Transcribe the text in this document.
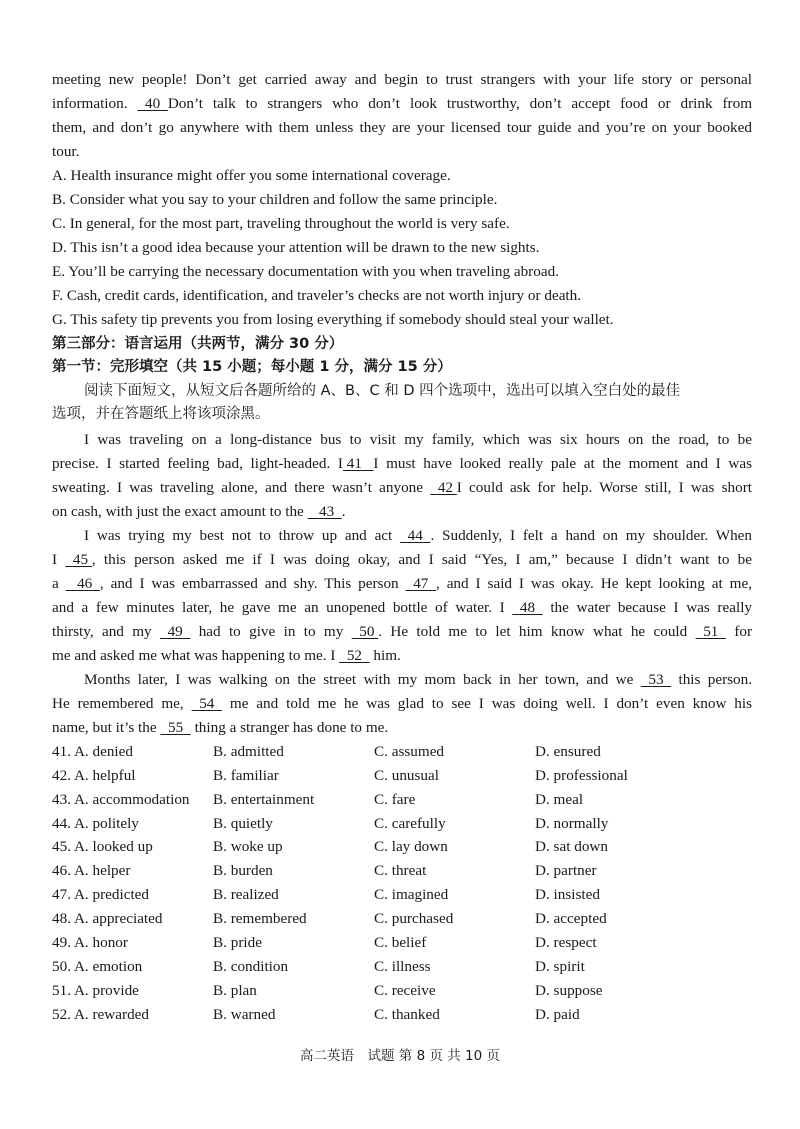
meeting new people! Don’t get carried away and begin to trust strangers with your life story or personal
information. 40 Don’t talk to strangers who don’t look trustworthy, don’t accept food or drink from
them, and don’t go anywhere with them unless they are your licensed tour guide and you’re on your booked
tour.
A. Health insurance might offer you some international coverage.
B. Consider what you say to your children and follow the same principle.
C. In general, for the most part, traveling throughout the world is very safe.
D. This isn’t a good idea because your attention will be drawn to the new sights.
E. You’ll be carrying the necessary documentation with you when traveling abroad.
F. Cash, credit cards, identification, and traveler’s checks are not worth injury or death.
G. This safety tip prevents you from losing everything if somebody should steal your wallet.
第三部分：语言运用（共两节，满分 30 分）
第一节：完形填空（共 15 小题；每小题 1 分，满分 15 分）
阅读下面短文，从短文后各题所给的 A、B、C 和 D 四个选项中，选出可以填入空白处的最佳
选项，并在答题纸上将该项涂黑。
I was traveling on a long-distance bus to visit my family, which was six hours on the road, to be
precise. I started feeling bad, light-headed. I 41 I must have looked really pale at the moment and I was
sweating. I was traveling alone, and there wasn’t anyone 42 I could ask for help. Worse still, I was short
on cash, with just the exact amount to the 43 .
I was trying my best not to throw up and act 44 . Suddenly, I felt a hand on my shoulder. When
I 45 , this person asked me if I was doing okay, and I said “Yes, I am,” because I didn’t want to be
a 46 , and I was embarrassed and shy. This person 47 , and I said I was okay. He kept looking at me,
and a few minutes later, he gave me an unopened bottle of water. I 48 the water because I was really
thirsty, and my 49 had to give in to my 50 . He told me to let him know what he could 51 for
me and asked me what was happening to me. I 52 him.
Months later, I was walking on the street with my mom back in her town, and we 53 this person.
He remembered me, 54 me and told me he was glad to see I was doing well. I don’t even know his
name, but it’s the 55 thing a stranger has done to me.
41. A. denied	B. admitted	C. assumed	D. ensured
42. A. helpful	B. familiar	C. unusual	D. professional
43. A. accommodation B. entertainment	C. fare	D. meal
44. A. politely	B. quietly	C. carefully	D. normally
45. A. looked up	B. woke up	C. lay down	D. sat down
46. A. helper	B. burden	C. threat	D. partner
47. A. predicted	B. realized	C. imagined	D. insisted
48. A. appreciated	B. remembered	C. purchased	D. accepted
49. A. honor	B. pride	C. belief	D. respect
50. A. emotion	B. condition	C. illness	D. spirit
51. A. provide	B. plan	C. receive	D. suppose
52. A. rewarded	B. warned	C. thanked	D. paid
高二英语　试题 第 8 页 共 10 页
